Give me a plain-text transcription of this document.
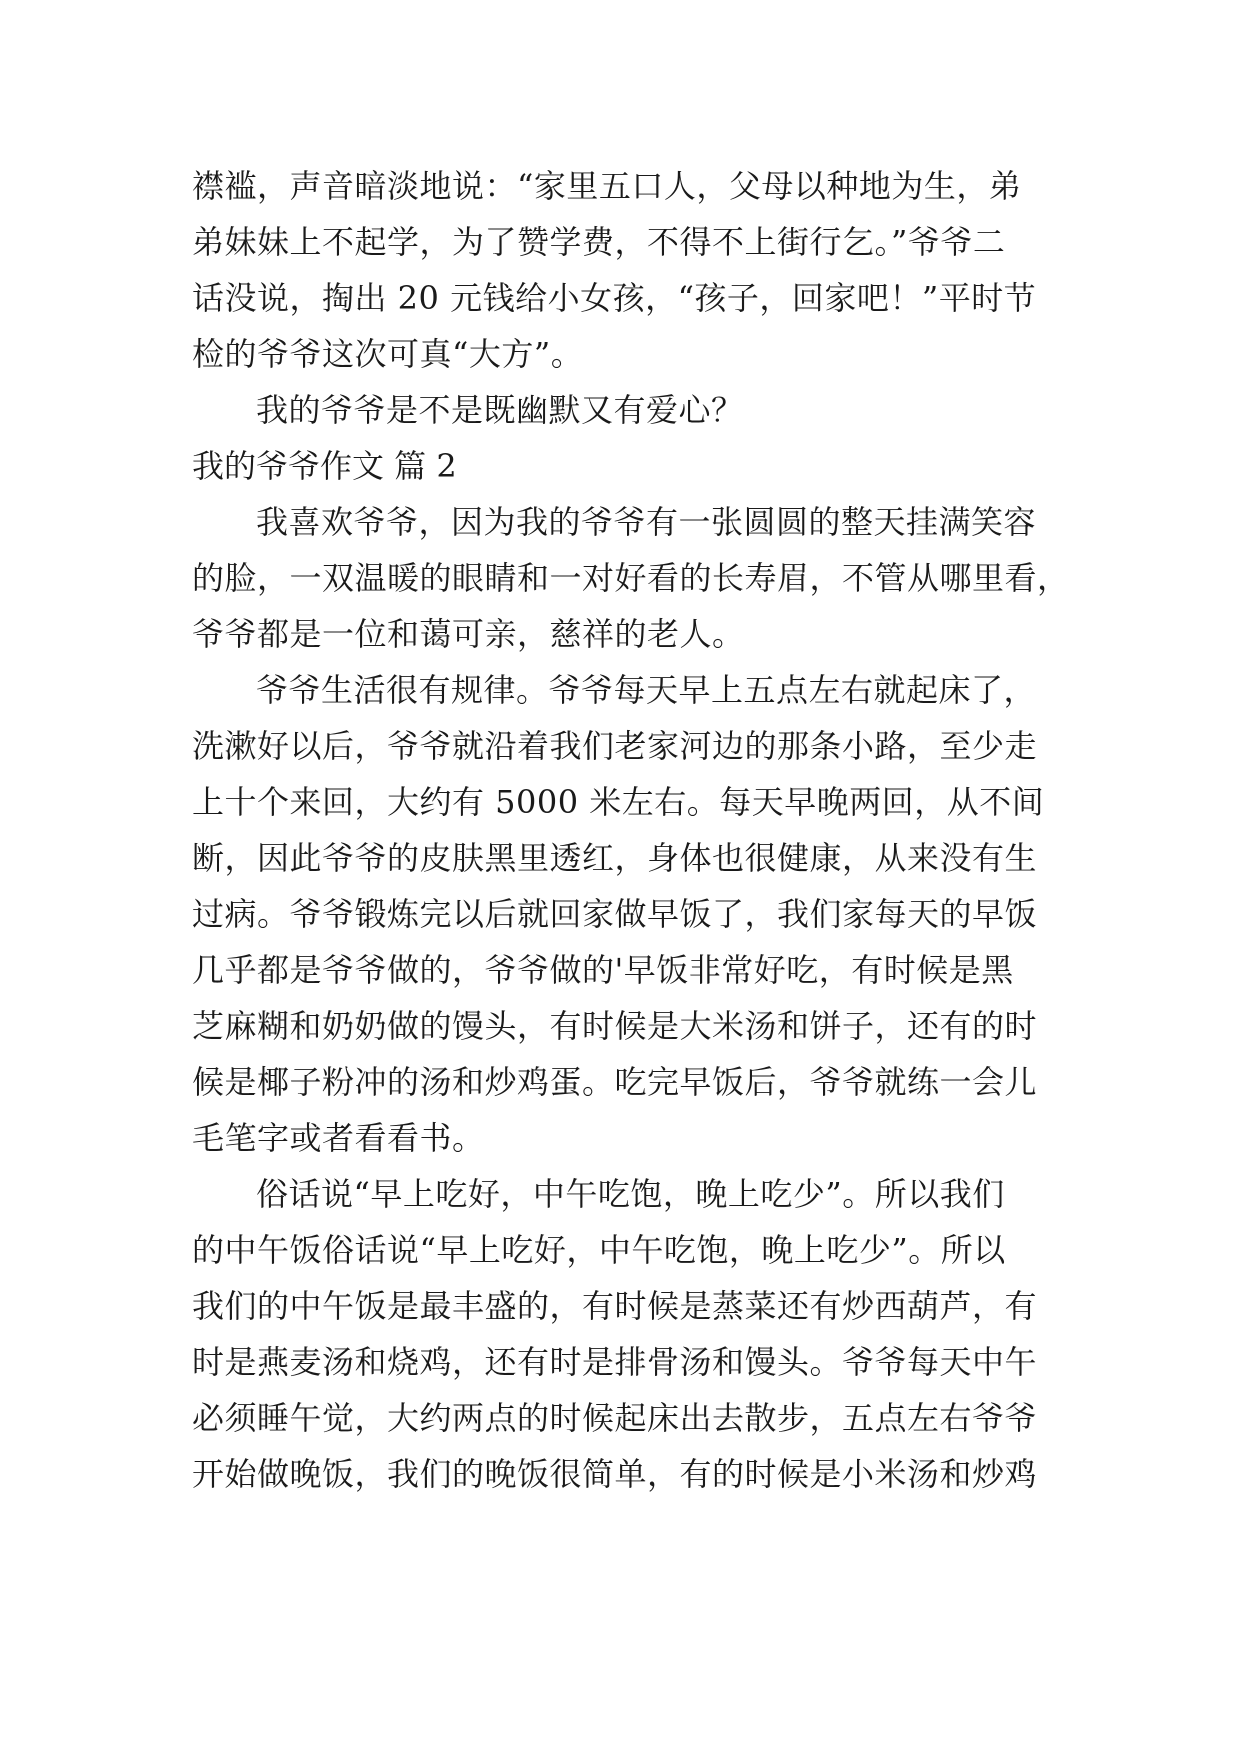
襟褴，声音暗淡地说：“家里五口人，父母以种地为生，弟
弟妹妹上不起学，为了赞学费，不得不上街行乞。”爷爷二
话没说，掏出 20 元钱给小女孩，“孩子，回家吧！”平时节
检的爷爷这次可真“大方”。
我的爷爷是不是既幽默又有爱心？
我的爷爷作文 篇 2
我喜欢爷爷，因为我的爷爷有一张圆圆的整天挂满笑容
的脸，一双温暖的眼睛和一对好看的长寿眉，不管从哪里看，
爷爷都是一位和蔼可亲，慈祥的老人。
爷爷生活很有规律。爷爷每天早上五点左右就起床了，
洗漱好以后，爷爷就沿着我们老家河边的那条小路，至少走
上十个来回，大约有 5000 米左右。每天早晚两回，从不间
断，因此爷爷的皮肤黑里透红，身体也很健康，从来没有生
过病。爷爷锻炼完以后就回家做早饭了，我们家每天的早饭
几乎都是爷爷做的，爷爷做的'早饭非常好吃，有时候是黑
芝麻糊和奶奶做的馒头，有时候是大米汤和饼子，还有的时
候是椰子粉冲的汤和炒鸡蛋。吃完早饭后，爷爷就练一会儿
毛笔字或者看看书。
俗话说“早上吃好，中午吃饱，晚上吃少”。所以我们
的中午饭俗话说“早上吃好，中午吃饱，晚上吃少”。所以
我们的中午饭是最丰盛的，有时候是蒸菜还有炒西葫芦，有
时是燕麦汤和烧鸡，还有时是排骨汤和馒头。爷爷每天中午
必须睡午觉，大约两点的时候起床出去散步，五点左右爷爷
开始做晚饭，我们的晚饭很简单，有的时候是小米汤和炒鸡
